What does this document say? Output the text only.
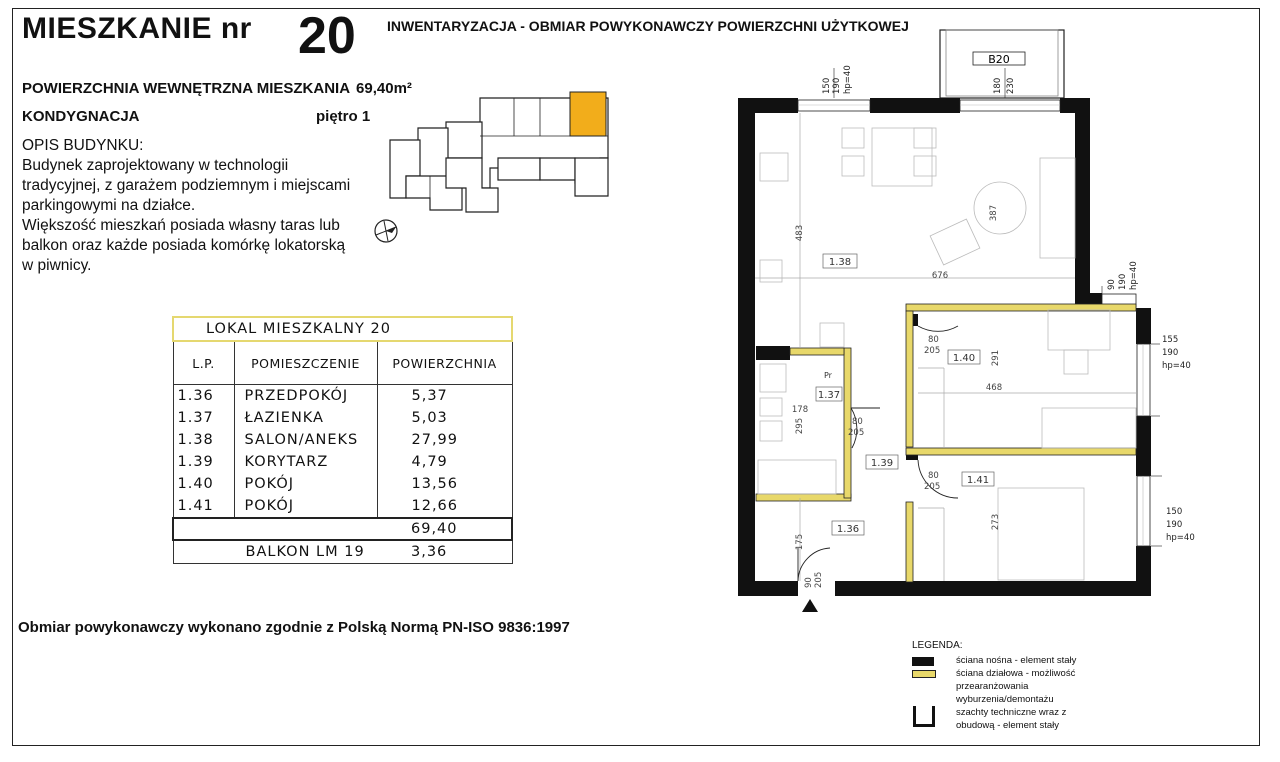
MIESZKANIE nr 20 INWENTARYZACJA - OBMIAR POWYKONAWCZY POWIERZCHNI UŻYTKOWEJ
POWIERZCHNIA WEWNĘTRZNA MIESZKANIA 69,40m²
KONDYGNACJA	piętro 1

OPIS BUDYNKU:

Budynek zaprojektowany w technologii

tradycyjnej, z garażem podziemnym i miejscami

parkingowymi na działce.

Większość mieszkań posiada własny taras lub

balkon oraz każde posiada komórkę lokatorską

w piwnicy.

LOKAL MIESZKALNY 20		
L.P.	POMIESZCZENIE	POWIERZCHNIA
1.36	PRZEDPOKÓJ	5,37
1.37	ŁAZIENKA	5,03
1.38	SALON/ANEKS	27,99
1.39	KORYTARZ	4,79
1.40	POKÓJ	13,56
1.41	POKÓJ	12,66
		69,40
BALKON LM 19		3,36
Obmiar powykonawczy wykonano zgodnie z Polską Normą PN-ISO 9836:1997
B20
1.38
1.40
1.37
1.39
1.41
1.36
Pr
676
468
178
483
387
291
273
295
175
80
205
80
205
80
205
90 205
150 190 hp=40	180 230
90 190 hp=40
155
190
hp=40
150
190
hp=40
LEGENDA:
ściana nośna - element stały
ściana działowa - możliwość przearanżowania wyburzenia/demontażu
szachty techniczne wraz z obudową - element stały
